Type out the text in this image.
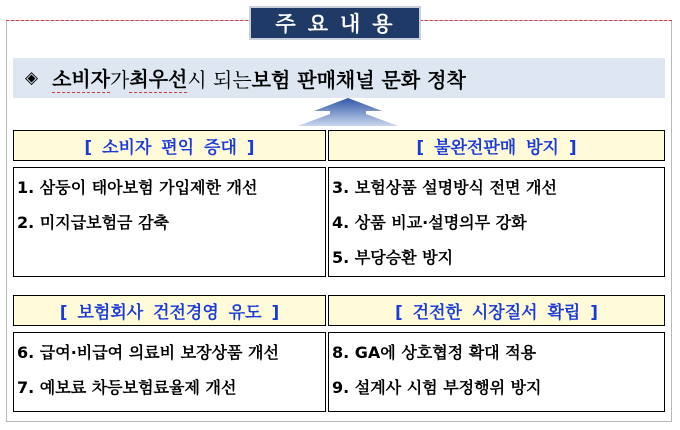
주요내용
◈ 소비자 가 최우선 시 되는 보험 판매채널 문화 정착
[ 소비자 편익 증대 ]
1. 삼둥이 태아보험 가입제한 개선
2. 미지급보험금 감축
[ 불완전판매 방지 ]
3. 보험상품 설명방식 전면 개선
4. 상품 비교·설명의무 강화
5. 부당승환 방지
[ 보험회사 건전경영 유도 ]
6. 급여·비급여 의료비 보장상품 개선
7. 예보료 차등보험료율제 개선
[ 건전한 시장질서 확립 ]
8. GA에 상호협정 확대 적용
9. 설계사 시험 부정행위 방지
